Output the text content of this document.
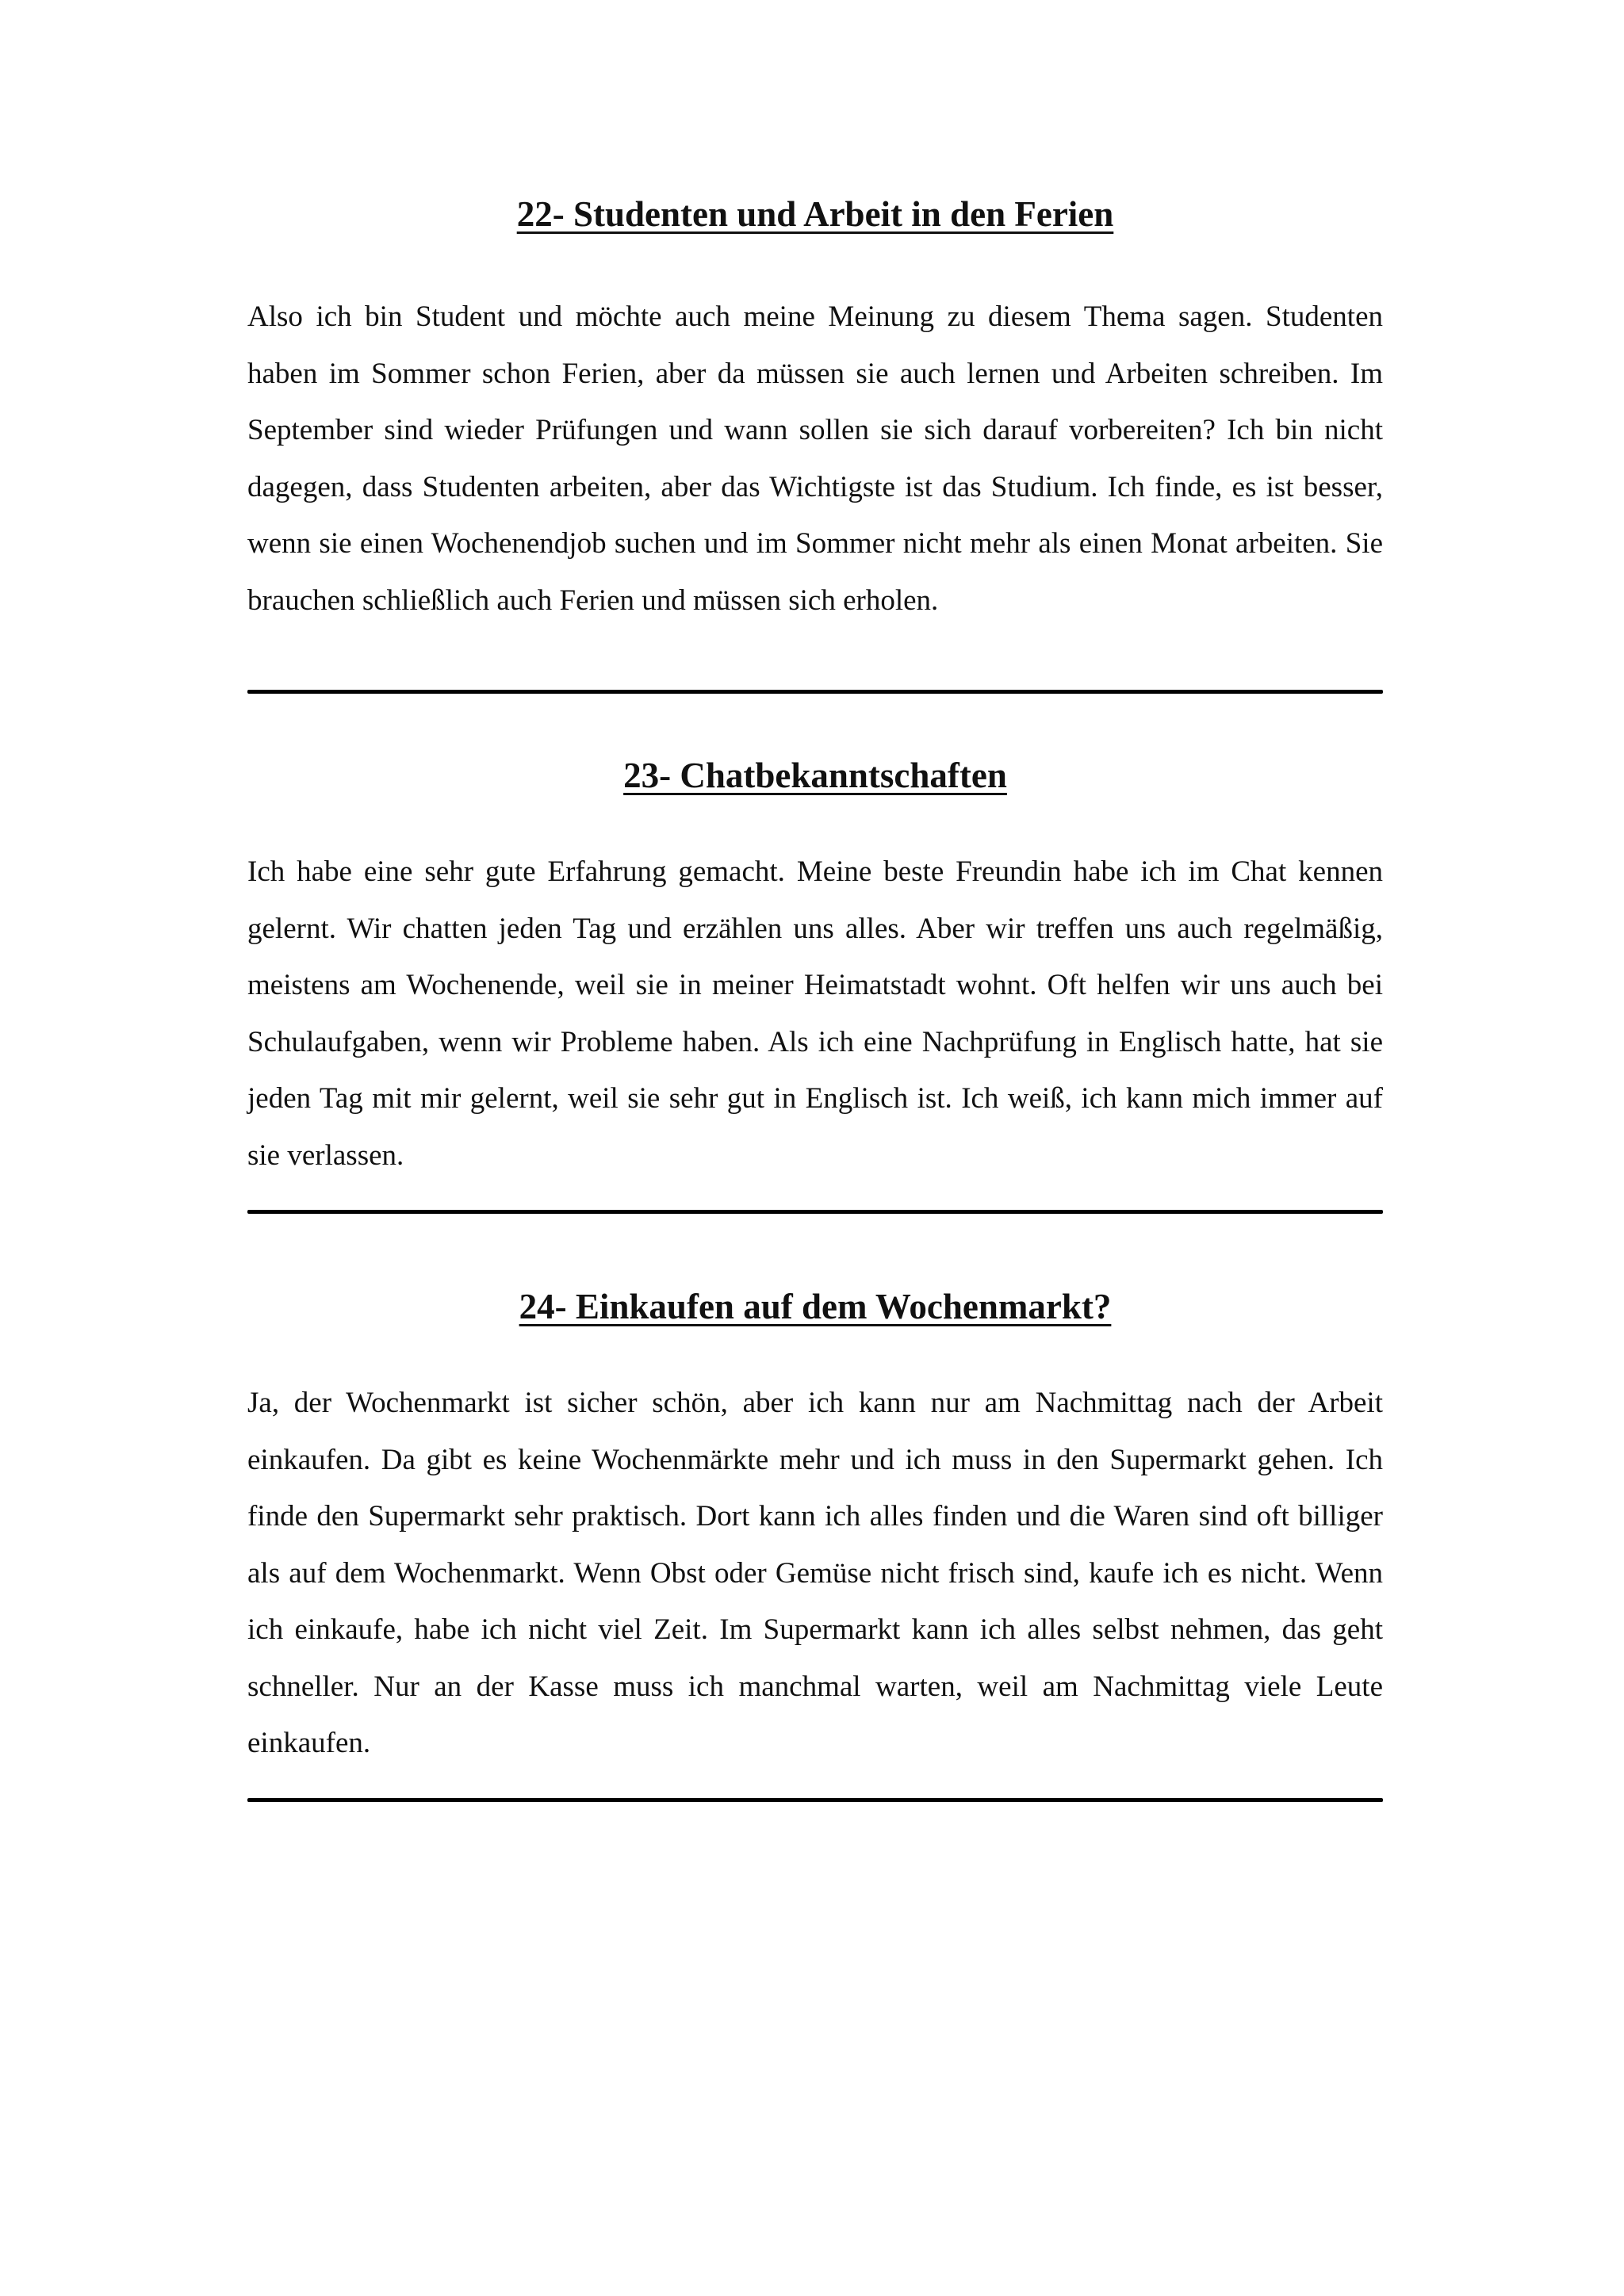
22- Studenten und Arbeit in den Ferien

Also ich bin Student und möchte auch meine Meinung zu diesem Thema sagen. Studenten haben im Sommer schon Ferien, aber da müssen sie auch lernen und Arbeiten schreiben. Im September sind wieder Prüfungen und wann sollen sie sich darauf vorbereiten? Ich bin nicht dagegen, dass Studenten arbeiten, aber das Wichtigste ist das Studium. Ich finde, es ist besser, wenn sie einen Wochenendjob suchen und im Sommer nicht mehr als einen Monat arbeiten. Sie brauchen schließlich auch Ferien und müssen sich erholen.

23- Chatbekanntschaften

Ich habe eine sehr gute Erfahrung gemacht. Meine beste Freundin habe ich im Chat kennen gelernt. Wir chatten jeden Tag und erzählen uns alles. Aber wir treffen uns auch regelmäßig, meistens am Wochenende, weil sie in meiner Heimatstadt wohnt. Oft helfen wir uns auch bei Schulaufgaben, wenn wir Probleme haben. Als ich eine Nachprüfung in Englisch hatte, hat sie jeden Tag mit mir gelernt, weil sie sehr gut in Englisch ist. Ich weiß, ich kann mich immer auf sie verlassen.

24- Einkaufen auf dem Wochenmarkt?

Ja, der Wochenmarkt ist sicher schön, aber ich kann nur am Nachmittag nach der Arbeit einkaufen. Da gibt es keine Wochenmärkte mehr und ich muss in den Supermarkt gehen. Ich finde den Supermarkt sehr praktisch. Dort kann ich alles finden und die Waren sind oft billiger als auf dem Wochenmarkt. Wenn Obst oder Gemüse nicht frisch sind, kaufe ich es nicht. Wenn ich einkaufe, habe ich nicht viel Zeit. Im Supermarkt kann ich alles selbst nehmen, das geht schneller. Nur an der Kasse muss ich manchmal warten, weil am Nachmittag viele Leute einkaufen.
